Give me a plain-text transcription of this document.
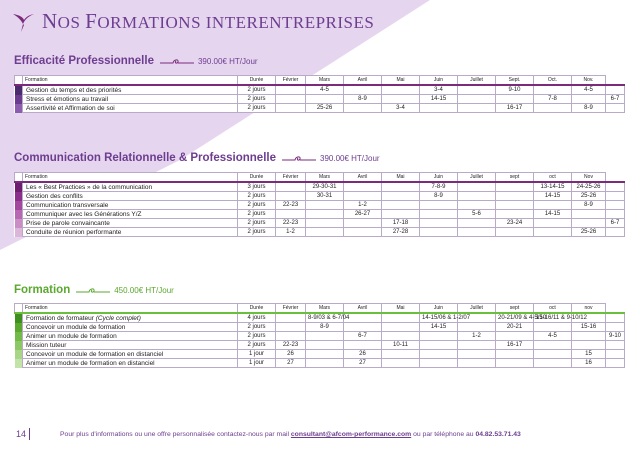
NOS FORMATIONS INTERENTREPRISES
Efficacité Professionnelle	390.00€ HT/Jour
	Formation	Durée	Février	Mars	Avril	Mai	Juin	Juillet	Sept.	Oct.	Nov.	
	Gestion du temps et des priorités	2 jours		4-5			3-4		9-10		4-5	
	Stress et émotions au travail	2 jours			8-9		14-15			7-8		6-7
	Assertivité et Affirmation de soi	2 jours		25-26		3-4			16-17		8-9	
Communication Relationnelle & Professionnelle	390.00€ HT/Jour
	Formation	Durée	Février	Mars	Avril	Mai	Juin	Juillet	sept	oct	Nov	
	Les « Best Practices » de la communication	3 jours		29-30-31			7-8-9			13-14-15	24-25-26	
	Gestion des conflits	2 jours		30-31			8-9			14-15	25-26	
	Communication transversale	2 jours	22-23		1-2						8-9	
	Communiquer avec les Générations Y/Z	2 jours			26-27			5-6		14-15		
	Prise de parole convaincante	2 jours	22-23			17-18			23-24			6-7
	Conduite de réunion performante	2 jours	1-2			27-28					25-26	
Formation	450.00€ HT/Jour
	Formation	Durée	Février	Mars	Avril	Mai	Juin	Juillet	sept	oct	nov	
	Formation de formateur (Cycle complet)	4 jours		8-9/03 & 6-7/04			14-15/06 & 1-2/07		20-21/09 & 4-5/10	15-16/11 & 9-10/12		
	Concevoir un module de formation	2 jours		8-9			14-15		20-21		15-16	
	Animer un module de formation	2 jours			6-7			1-2		4-5		9-10
	Mission tuteur	2 jours	22-23			10-11			16-17			
	Concevoir un module de formation en distanciel	1 jour	26		26						15	
	Animer un module de formation en distanciel	1 jour	27		27						16	
14	Pour plus d'informations ou une offre personnalisée contactez-nous par mail consultant@afcom-performance.com ou par téléphone au 04.82.53.71.43
